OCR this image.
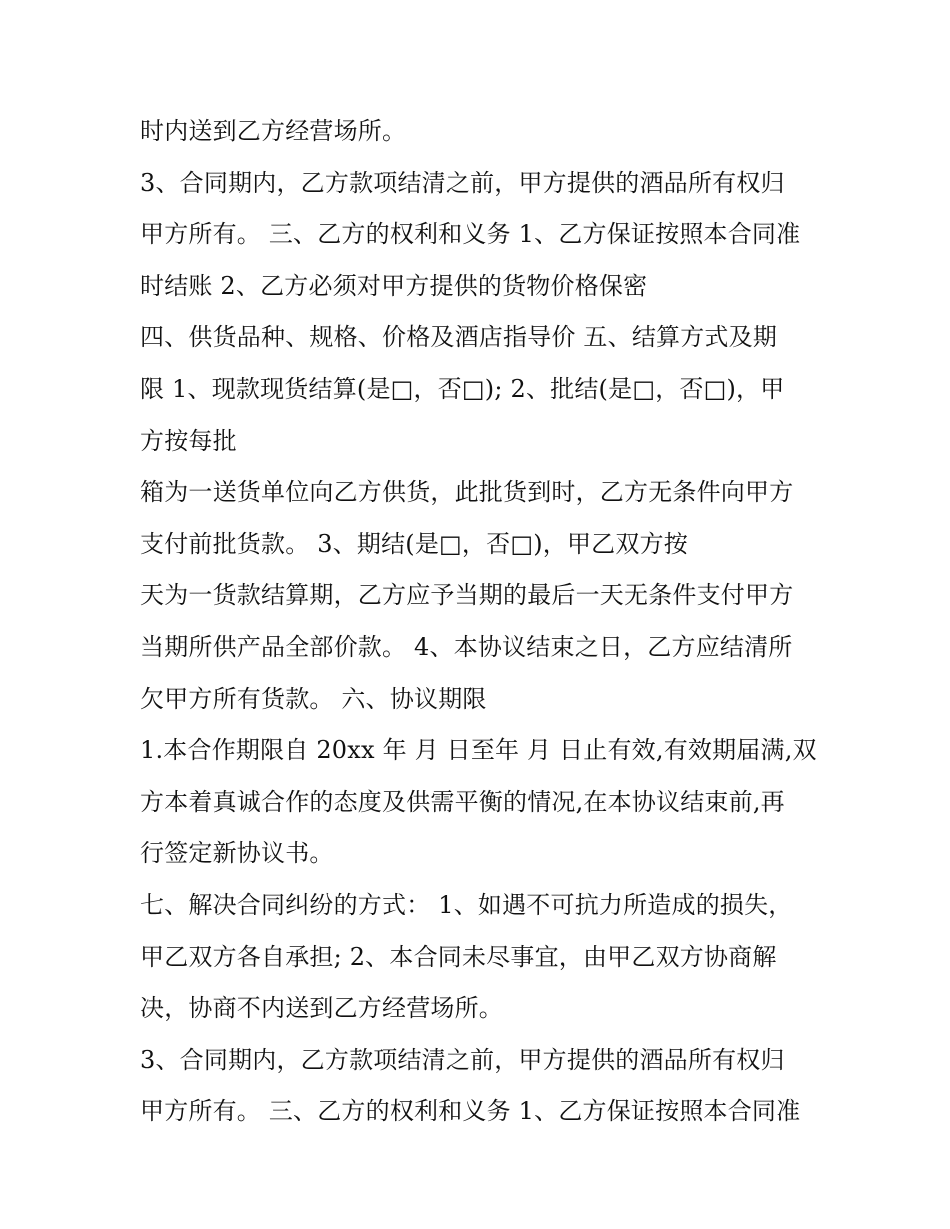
时内送到乙方经营场所。
3、合同期内，乙方款项结清之前，甲方提供的酒品所有权归
甲方所有。 三、乙方的权利和义务 1、乙方保证按照本合同准
时结账 2、乙方必须对甲方提供的货物价格保密
四、供货品种、规格、价格及酒店指导价 五、结算方式及期
限 1、现款现货结算(是□，否□); 2、批结(是□，否□)，甲
方按每批
箱为一送货单位向乙方供货，此批货到时，乙方无条件向甲方
支付前批货款。 3、期结(是□，否□)，甲乙双方按
天为一货款结算期，乙方应予当期的最后一天无条件支付甲方
当期所供产品全部价款。 4、本协议结束之日，乙方应结清所
欠甲方所有货款。 六、协议期限
1.本合作期限自 20xx 年 月 日至年 月 日止有效,有效期届满,双
方本着真诚合作的态度及供需平衡的情况,在本协议结束前,再
行签定新协议书。
七、解决合同纠纷的方式： 1、如遇不可抗力所造成的损失，
甲乙双方各自承担; 2、本合同未尽事宜，由甲乙双方协商解
决，协商不内送到乙方经营场所。
3、合同期内，乙方款项结清之前，甲方提供的酒品所有权归
甲方所有。 三、乙方的权利和义务 1、乙方保证按照本合同准
